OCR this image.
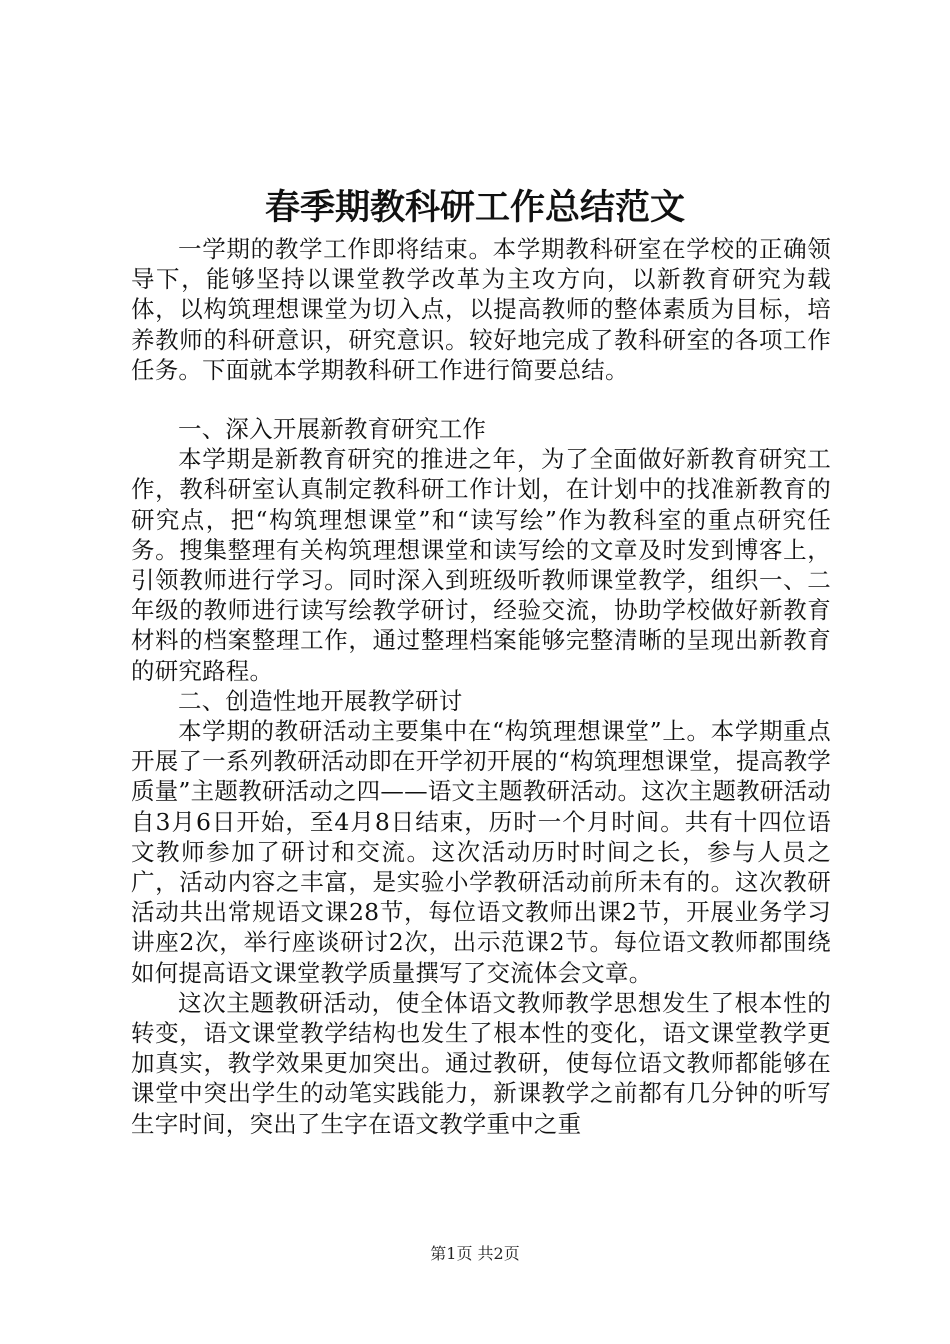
春季期教科研工作总结范文

一学期的教学工作即将结束。本学期教科研室在学校的正确领导下，能够坚持以课堂教学改革为主攻方向，以新教育研究为载体，以构筑理想课堂为切入点，以提高教师的整体素质为目标，培养教师的科研意识，研究意识。较好地完成了教科研室的各项工作任务。下面就本学期教科研工作进行简要总结。

一、深入开展新教育研究工作

本学期是新教育研究的推进之年，为了全面做好新教育研究工作，教科研室认真制定教科研工作计划，在计划中的找准新教育的研究点，把“构筑理想课堂”和“读写绘”作为教科室的重点研究任务。搜集整理有关构筑理想课堂和读写绘的文章及时发到博客上，引领教师进行学习。同时深入到班级听教师课堂教学，组织一、二年级的教师进行读写绘教学研讨，经验交流，协助学校做好新教育材料的档案整理工作，通过整理档案能够完整清晰的呈现出新教育的研究路程。

二、创造性地开展教学研讨

本学期的教研活动主要集中在“构筑理想课堂”上。本学期重点开展了一系列教研活动即在开学初开展的“构筑理想课堂，提高教学质量”主题教研活动之四——语文主题教研活动。这次主题教研活动自3月6日开始，至4月8日结束，历时一个月时间。共有十四位语文教师参加了研讨和交流。这次活动历时时间之长，参与人员之广，活动内容之丰富，是实验小学教研活动前所未有的。这次教研活动共出常规语文课28节，每位语文教师出课2节，开展业务学习讲座2次，举行座谈研讨2次，出示范课2节。每位语文教师都围绕如何提高语文课堂教学质量撰写了交流体会文章。

这次主题教研活动，使全体语文教师教学思想发生了根本性的转变，语文课堂教学结构也发生了根本性的变化，语文课堂教学更加真实，教学效果更加突出。通过教研，使每位语文教师都能够在课堂中突出学生的动笔实践能力，新课教学之前都有几分钟的听写生字时间，突出了生字在语文教学重中之重

第1页 共2页
